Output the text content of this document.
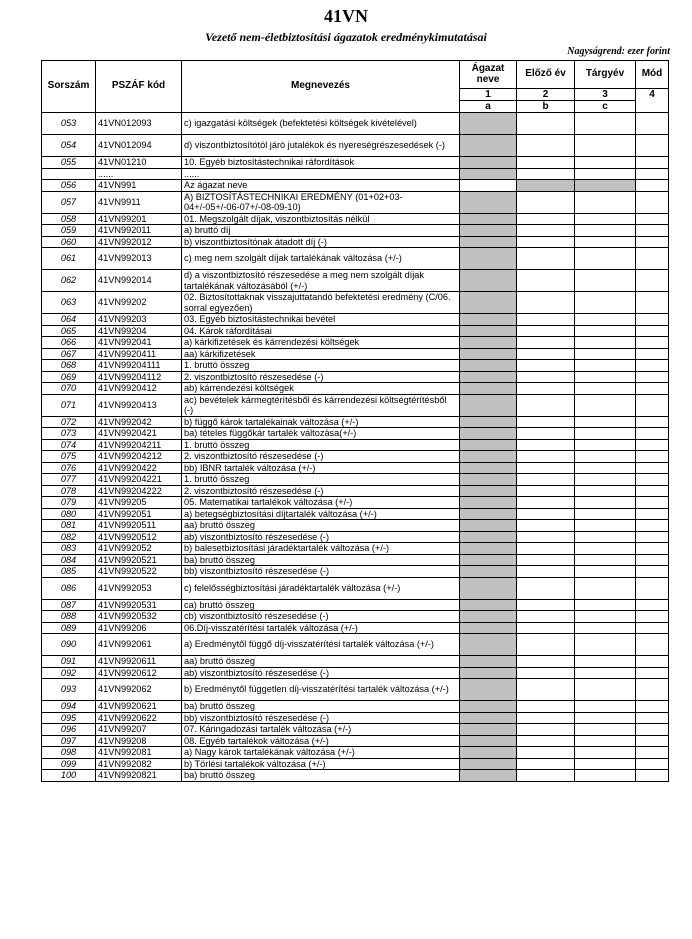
41VN
Vezető nem-életbiztosítási ágazatok eredménykimutatásai
Nagyságrend: ezer forint
Sorszám	PSZÁF kód	Megnevezés	Ágazat neve	Előző év	Tárgyév	Mód
			1	2	3	4
			a	b	c	
053	41VN012093	c) igazgatási költségek (befektetési költségek kivételével)				
054	41VN012094	d) viszontbiztosítótól járó jutalékok és nyereségrészesedések (-)				
055	41VN01210	10. Egyéb biztosítástechnikai ráfordítások				
	......	......				
056	41VN991	Az ágazat neve				
057	41VN9911	A) BIZTOSÍTÁSTECHNIKAI EREDMÉNY (01+02+03-04+/-05+/-06-07+/-08-09-10)				
058	41VN99201	01. Megszolgált díjak, viszontbiztosítás nélkül				
059	41VN992011	a) bruttó díj				
060	41VN992012	b) viszontbiztosítónak átadott díj (-)				
061	41VN992013	c) meg nem szolgált díjak tartalékának változása (+/-)				
062	41VN992014	d) a viszontbiztosító részesedése a meg nem szolgált díjak tartalékának változásából (+/-)				
063	41VN99202	02. Biztosítottaknak visszajuttatandó befektetési eredmény (C/06. sorral egyezően)				
064	41VN99203	03. Egyéb biztosítástechnikai bevétel				
065	41VN99204	04. Károk ráfordításai				
066	41VN992041	a) kárkifizetések és kárrendezési költségek				
067	41VN9920411	aa) kárkifizetések				
068	41VN99204111	1. bruttó összeg				
069	41VN99204112	2. viszontbiztosító részesedése (-)				
070	41VN9920412	ab) kárrendezési költségek				
071	41VN9920413	ac) bevételek kármegtérítésből és kárrendezési költségtérítésből (-)				
072	41VN992042	b) függő károk tartalékainak változása (+/-)				
073	41VN9920421	ba) tételes függőkár tartalék változása(+/-)				
074	41VN99204211	1. bruttó összeg				
075	41VN99204212	2. viszontbiztosító részesedése (-)				
076	41VN9920422	bb) IBNR tartalék változása (+/-)				
077	41VN99204221	1. bruttó összeg				
078	41VN99204222	2. viszontbiztosító részesedése (-)				
079	41VN99205	05. Matematikai tartalékok változása (+/-)				
080	41VN992051	a) betegségbiztosítási díjtartalék változása (+/-)				
081	41VN9920511	aa) bruttó összeg				
082	41VN9920512	ab) viszontbiztosító részesedése (-)				
083	41VN992052	b) balesetbiztosítási járadéktartalék változása (+/-)				
084	41VN9920521	ba) bruttó összeg				
085	41VN9920522	bb) viszontbiztosító részesedése (-)				
086	41VN992053	c) felelősségbiztosítási járadéktartalék változása (+/-)				
087	41VN9920531	ca) bruttó összeg				
088	41VN9920532	cb) viszontbiztosító részesedése (-)				
089	41VN99206	06.Díj-visszatérítési tartalék változása (+/-)				
090	41VN992061	a) Eredménytől függő díj-visszatérítési tartalék változása (+/-)				
091	41VN9920611	aa) bruttó összeg				
092	41VN9920612	ab) viszontbiztosító részesedése (-)				
093	41VN992062	b) Eredménytől független díj-visszatérítési tartalék változása (+/-)				
094	41VN9920621	ba) bruttó összeg				
095	41VN9920622	bb) viszontbiztosító részesedése (-)				
096	41VN99207	07. Káringadozási tartalék változása (+/-)				
097	41VN99208	08. Egyéb tartalékok változása (+/-)				
098	41VN992081	a) Nagy károk tartalékának változása (+/-)				
099	41VN992082	b) Törlési tartalékok változása (+/-)				
100	41VN9920821	ba) bruttó összeg				
